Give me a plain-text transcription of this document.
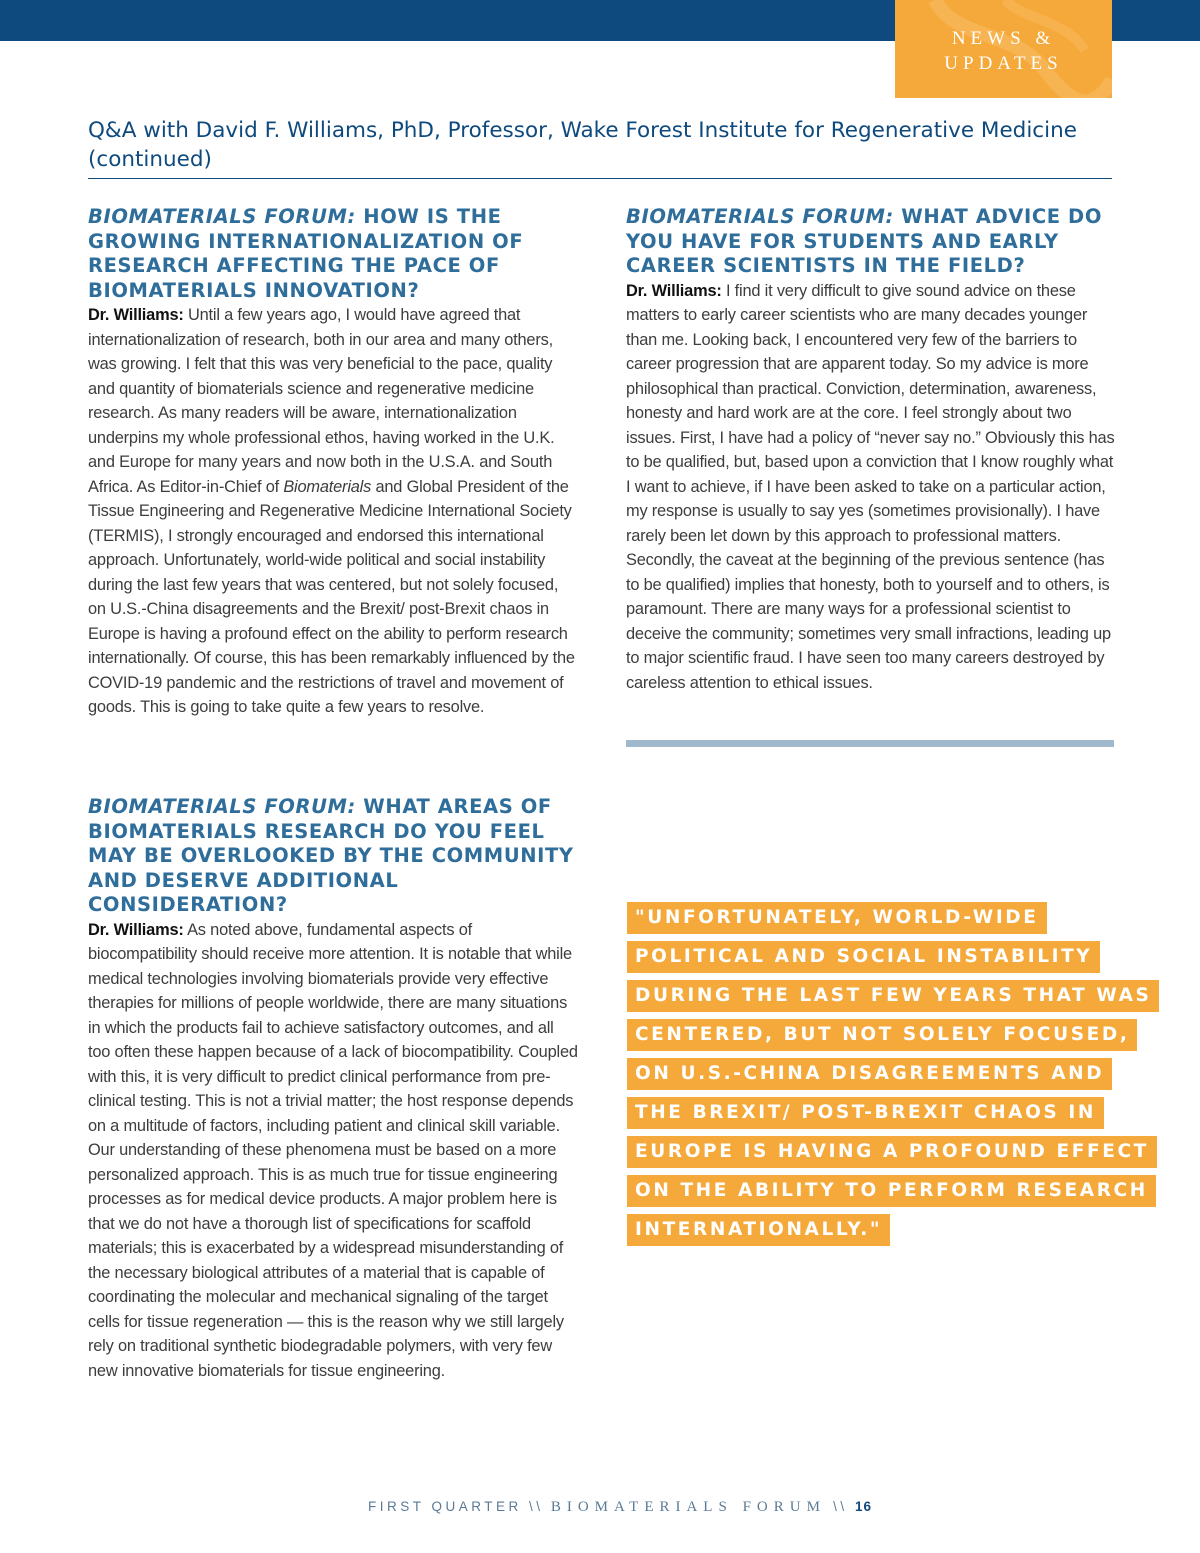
NEWS &
UPDATES
Q&A with David F. Williams, PhD, Professor, Wake Forest Institute for Regenerative Medicine
(continued)
BIOMATERIALS FORUM: HOW IS THE GROWING INTERNATIONALIZATION OF RESEARCH AFFECTING THE PACE OF BIOMATERIALS INNOVATION?

Dr. Williams: Until a few years ago, I would have agreed that internationalization of research, both in our area and many others, was growing. I felt that this was very beneficial to the pace, quality and quantity of biomaterials science and regenerative medicine research. As many readers will be aware, internationalization underpins my whole professional ethos, having worked in the U.K. and Europe for many years and now both in the U.S.A. and South Africa. As Editor-in-Chief of Biomaterials and Global President of the Tissue Engineering and Regenerative Medicine International Society (TERMIS), I strongly encouraged and endorsed this international approach. Unfortunately, world-wide political and social instability during the last few years that was centered, but not solely focused, on U.S.-China disagreements and the Brexit/ post-Brexit chaos in Europe is having a profound effect on the ability to perform research internationally. Of course, this has been remarkably influenced by the COVID-19 pandemic and the restrictions of travel and movement of goods. This is going to take quite a few years to resolve.

BIOMATERIALS FORUM: WHAT AREAS OF BIOMATERIALS RESEARCH DO YOU FEEL MAY BE OVERLOOKED BY THE COMMUNITY AND DESERVE ADDITIONAL CONSIDERATION?

Dr. Williams: As noted above, fundamental aspects of biocompatibility should receive more attention. It is notable that while medical technologies involving biomaterials provide very effective therapies for millions of people worldwide, there are many situations in which the products fail to achieve satisfactory outcomes, and all too often these happen because of a lack of biocompatibility. Coupled with this, it is very difficult to predict clinical performance from pre-clinical testing. This is not a trivial matter; the host response depends on a multitude of factors, including patient and clinical skill variable. Our understanding of these phenomena must be based on a more personalized approach. This is as much true for tissue engineering processes as for medical device products. A major problem here is that we do not have a thorough list of specifications for scaffold materials; this is exacerbated by a widespread misunderstanding of the necessary biological attributes of a material that is capable of coordinating the molecular and mechanical signaling of the target cells for tissue regeneration — this is the reason why we still largely rely on traditional synthetic biodegradable polymers, with very few new innovative biomaterials for tissue engineering.

BIOMATERIALS FORUM: WHAT ADVICE DO YOU HAVE FOR STUDENTS AND EARLY CAREER SCIENTISTS IN THE FIELD?

Dr. Williams: I find it very difficult to give sound advice on these matters to early career scientists who are many decades younger than me. Looking back, I encountered very few of the barriers to career progression that are apparent today. So my advice is more philosophical than practical. Conviction, determination, awareness, honesty and hard work are at the core. I feel strongly about two issues. First, I have had a policy of “never say no.” Obviously this has to be qualified, but, based upon a conviction that I know roughly what I want to achieve, if I have been asked to take on a particular action, my response is usually to say yes (sometimes provisionally). I have rarely been let down by this approach to professional matters. Secondly, the caveat at the beginning of the previous sentence (has to be qualified) implies that honesty, both to yourself and to others, is paramount. There are many ways for a professional scientist to deceive the community; sometimes very small infractions, leading up to major scientific fraud. I have seen too many careers destroyed by careless attention to ethical issues.

"UNFORTUNATELY, WORLD-WIDE
POLITICAL AND SOCIAL INSTABILITY
DURING THE LAST FEW YEARS THAT WAS
CENTERED, BUT NOT SOLELY FOCUSED,
ON U.S.-CHINA DISAGREEMENTS AND
THE BREXIT/ POST-BREXIT CHAOS IN
EUROPE IS HAVING A PROFOUND EFFECT
ON THE ABILITY TO PERFORM RESEARCH
INTERNATIONALLY."
FIRST QUARTER \\ BIOMATERIALS FORUM \\ 16
